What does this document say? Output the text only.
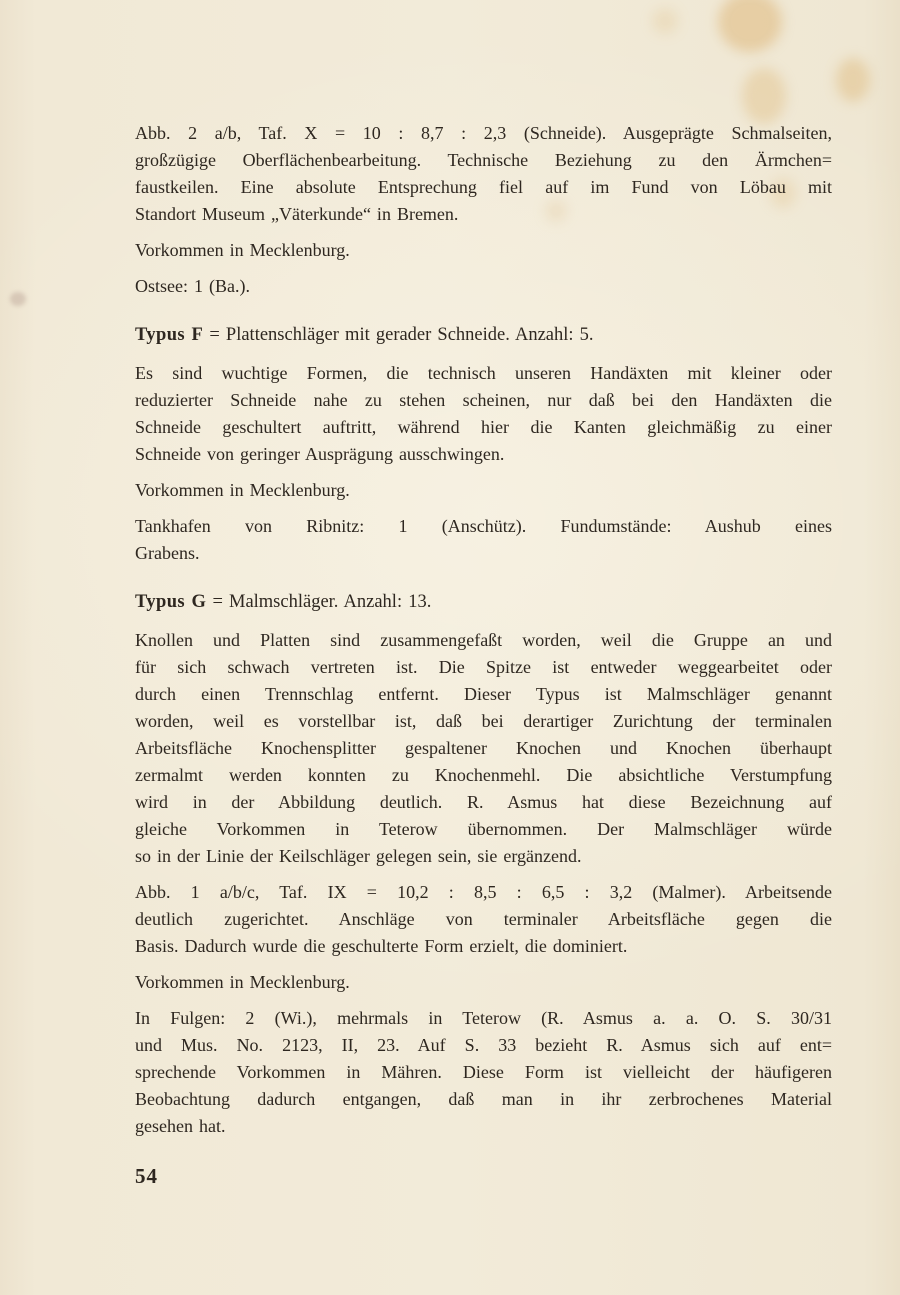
Abb. 2 a/b, Taf. X = 10 : 8,7 : 2,3 (Schneide). Ausgeprägte Schmalseiten,
großzügige Oberflächenbearbeitung. Technische Beziehung zu den Ärmchen=
faustkeilen. Eine absolute Entsprechung fiel auf im Fund von Löbau mit
Standort Museum „Väterkunde“ in Bremen.
Vorkommen in Mecklenburg.
Ostsee: 1 (Ba.).
Typus F = Plattenschläger mit gerader Schneide. Anzahl: 5.
Es sind wuchtige Formen, die technisch unseren Handäxten mit kleiner oder
reduzierter Schneide nahe zu stehen scheinen, nur daß bei den Handäxten die
Schneide geschultert auftritt, während hier die Kanten gleichmäßig zu einer
Schneide von geringer Ausprägung ausschwingen.
Vorkommen in Mecklenburg.
Tankhafen von Ribnitz: 1 (Anschütz). Fundumstände: Aushub eines
Grabens.
Typus G = Malmschläger. Anzahl: 13.
Knollen und Platten sind zusammengefaßt worden, weil die Gruppe an und
für sich schwach vertreten ist. Die Spitze ist entweder weggearbeitet oder
durch einen Trennschlag entfernt. Dieser Typus ist Malmschläger genannt
worden, weil es vorstellbar ist, daß bei derartiger Zurichtung der terminalen
Arbeitsfläche Knochensplitter gespaltener Knochen und Knochen überhaupt
zermalmt werden konnten zu Knochenmehl. Die absichtliche Verstumpfung
wird in der Abbildung deutlich. R. Asmus hat diese Bezeichnung auf
gleiche Vorkommen in Teterow übernommen. Der Malmschläger würde
so in der Linie der Keilschläger gelegen sein, sie ergänzend.
Abb. 1 a/b/c, Taf. IX = 10,2 : 8,5 : 6,5 : 3,2 (Malmer). Arbeitsende
deutlich zugerichtet. Anschläge von terminaler Arbeitsfläche gegen die
Basis. Dadurch wurde die geschulterte Form erzielt, die dominiert.
Vorkommen in Mecklenburg.
In Fulgen: 2 (Wi.), mehrmals in Teterow (R. Asmus a. a. O. S. 30/31
und Mus. No. 2123, II, 23. Auf S. 33 bezieht R. Asmus sich auf ent=
sprechende Vorkommen in Mähren. Diese Form ist vielleicht der häufigeren
Beobachtung dadurch entgangen, daß man in ihr zerbrochenes Material
gesehen hat.
54
